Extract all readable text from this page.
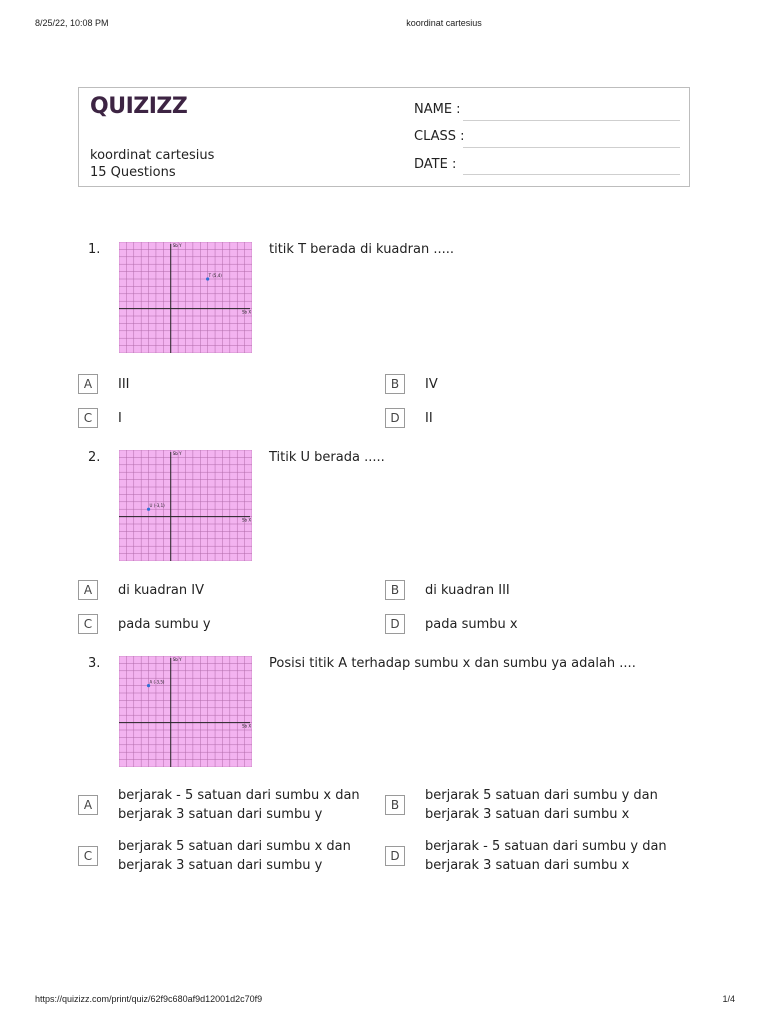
8/25/22, 10:08 PM	koordinat cartesius
QUIZIZZ
koordinat cartesius
15 Questions
NAME :
CLASS :
DATE :
1.	Sb Y
Sb X
T (5,4)
titik T berada di kuadran .....
A	III	B	IV
C	I	D	II
2.	Sb Y
Sb X
U (-3,1)
Titik U berada .....
A	di kuadran IV	B	di kuadran III
C	pada sumbu y	D	pada sumbu x
3.	Sb Y
Sb X
A (-3,5)
Posisi titik A terhadap sumbu x dan sumbu ya adalah ....
A
berjarak - 5 satuan dari sumbu x dan berjarak 3 satuan dari sumbu y
B
berjarak 5 satuan dari sumbu y dan berjarak 3 satuan dari sumbu x
C
berjarak 5 satuan dari sumbu x dan berjarak 3 satuan dari sumbu y
D
berjarak - 5 satuan dari sumbu y dan berjarak 3 satuan dari sumbu x
https://quizizz.com/print/quiz/62f9c680af9d12001d2c70f9	1/4
